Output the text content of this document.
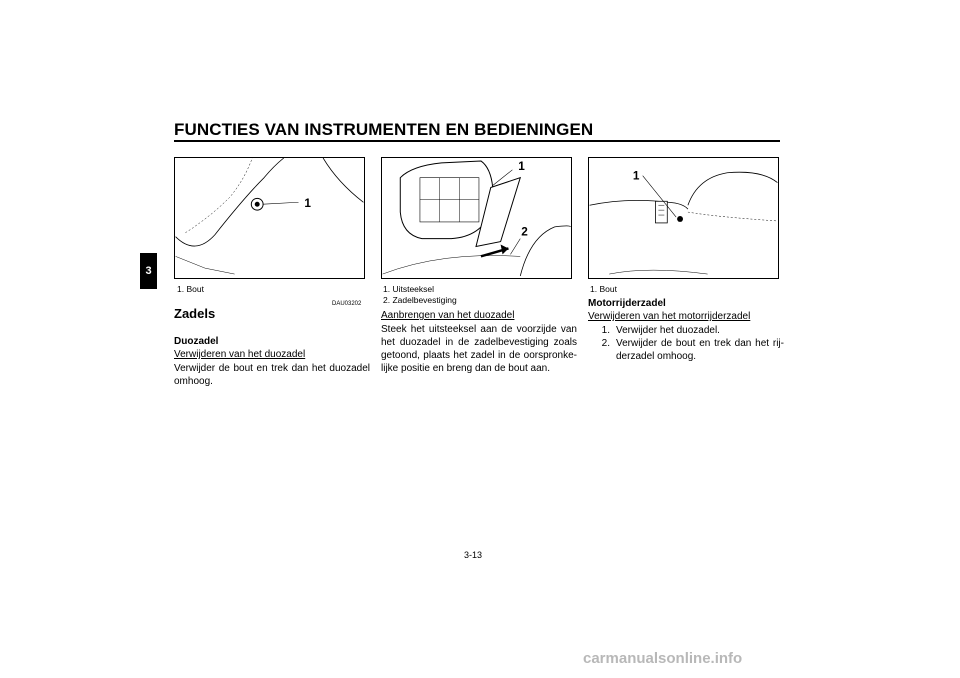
FUNCTIES VAN INSTRUMENTEN EN BEDIENINGEN
3
1
1. Bout
1
2
1. Uitsteeksel
2. Zadelbevestiging
1
1. Bout
DAU03202
Zadels
Duozadel
Verwijderen van het duozadel
Verwijder de bout en trek dan het duozadel omhoog.
Aanbrengen van het duozadel
Steek het uitsteeksel aan de voorzijde van het duozadel in de zadelbevestiging zoals getoond, plaats het zadel in de oorspronke-lijke positie en breng dan de bout aan.
Motorrijderzadel
Verwijderen van het motorrijderzadel
1. Verwijder het duozadel.
2. Verwijder de bout en trek dan het rij-derzadel omhoog.
3-13
carmanualsonline.info
